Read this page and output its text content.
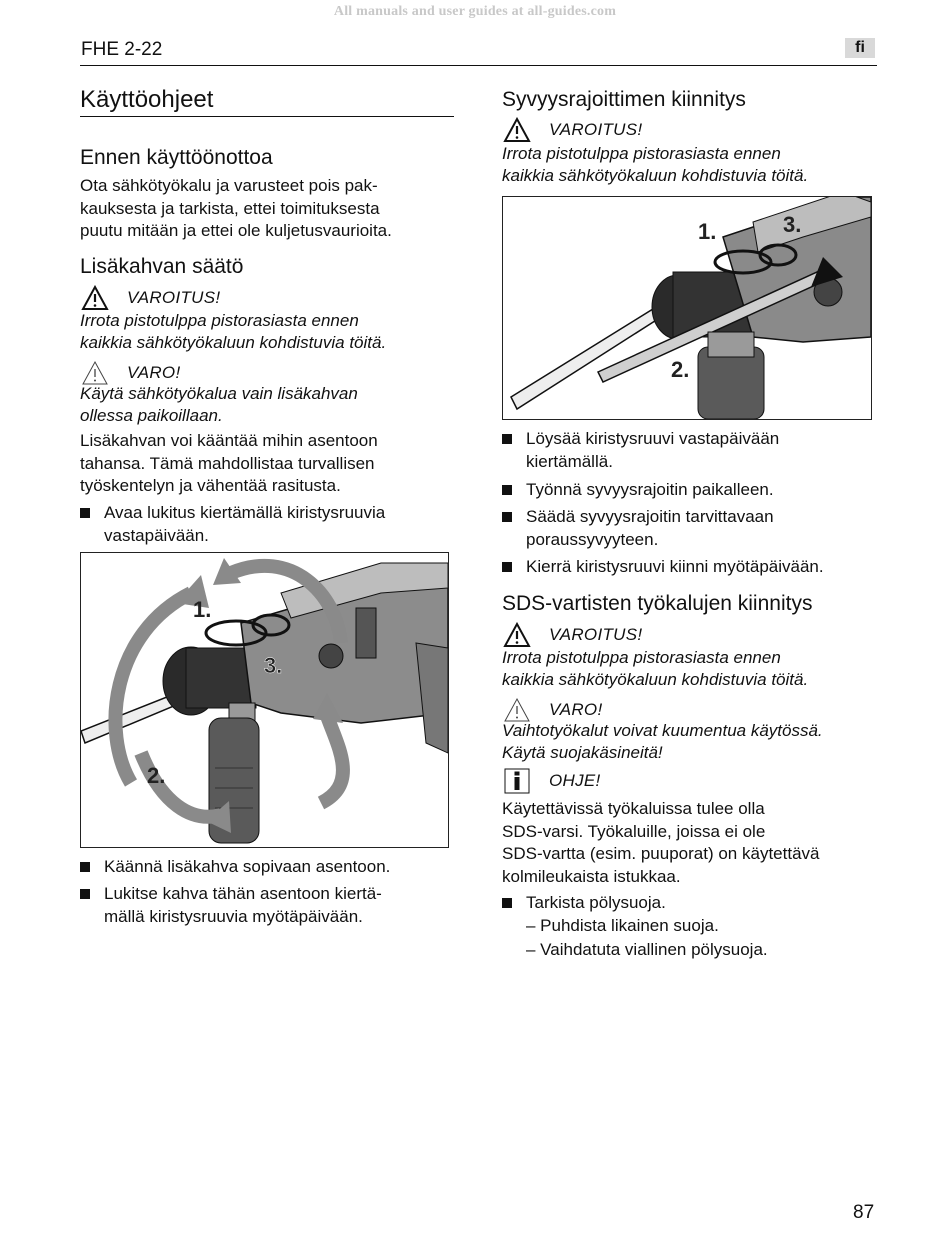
All manuals and user guides at all-guides.com
FHE 2-22	fi
Käyttöohjeet
Ennen käyttöönottoa
Ota sähkötyökalu ja varusteet pois pak-
kauksesta ja tarkista, ettei toimituksesta
puutu mitään ja ettei ole kuljetusvaurioita.
Lisäkahvan säätö
VAROITUS!
Irrota pistotulppa pistorasiasta ennen
kaikkia sähkötyökaluun kohdistuvia töitä.
VARO!
Käytä sähkötyökalua vain lisäkahvan
ollessa paikoillaan.
Lisäkahvan voi kääntää mihin asentoon
tahansa. Tämä mahdollistaa turvallisen
työskentelyn ja vähentää rasitusta.
Avaa lukitus kiertämällä kiristysruuvia
vastapäivään.
1.
2.
3.
Käännä lisäkahva sopivaan asentoon.
Lukitse kahva tähän asentoon kiertä-
mällä kiristysruuvia myötäpäivään.
Syvyysrajoittimen kiinnitys
VAROITUS!
Irrota pistotulppa pistorasiasta ennen
kaikkia sähkötyökaluun kohdistuvia töitä.
1.
2.
3.
Löysää kiristysruuvi vastapäivään
kiertämällä.
Työnnä syvyysrajoitin paikalleen.
Säädä syvyysrajoitin tarvittavaan
poraussyvyyteen.
Kierrä kiristysruuvi kiinni myötäpäivään.
SDS-vartisten työkalujen kiinnitys
VAROITUS!
Irrota pistotulppa pistorasiasta ennen
kaikkia sähkötyökaluun kohdistuvia töitä.
VARO!
Vaihtotyökalut voivat kuumentua käytössä.
Käytä suojakäsineitä!
OHJE!
Käytettävissä työkaluissa tulee olla
SDS-varsi. Työkaluille, joissa ei ole
SDS-vartta (esim. puuporat) on käytettävä
kolmileukaista istukkaa.
Tarkista pölysuoja.
– Puhdista likainen suoja.
– Vaihdatuta viallinen pölysuoja.
87
